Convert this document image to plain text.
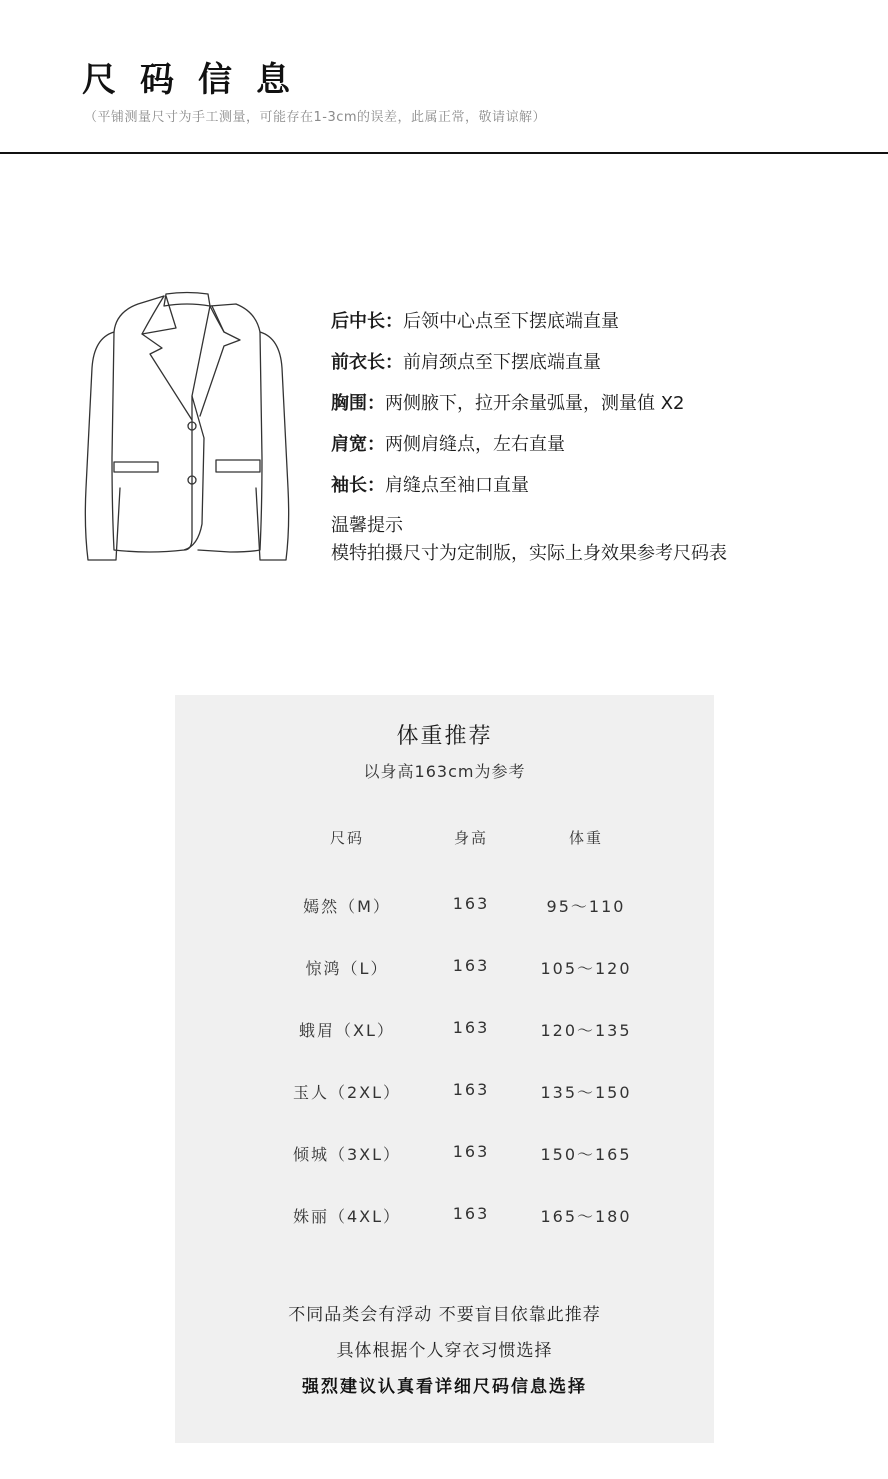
尺码信息
（平铺测量尺寸为手工测量，可能存在1-3cm的误差，此属正常，敬请谅解）
后中长：后领中心点至下摆底端直量
前衣长：前肩颈点至下摆底端直量
胸围：两侧腋下，拉开余量弧量，测量值 X2
肩宽：两侧肩缝点，左右直量
袖长：肩缝点至袖口直量
温馨提示
模特拍摄尺寸为定制版，实际上身效果参考尺码表
体重推荐
以身高163cm为参考
尺码	身高	体重
嫣然（M）	163	95～110
惊鸿（L）	163	105～120
蛾眉（XL）	163	120～135
玉人（2XL）	163	135～150
倾城（3XL）	163	150～165
姝丽（4XL）	163	165～180
不同品类会有浮动 不要盲目依靠此推荐
具体根据个人穿衣习惯选择
强烈建议认真看详细尺码信息选择
